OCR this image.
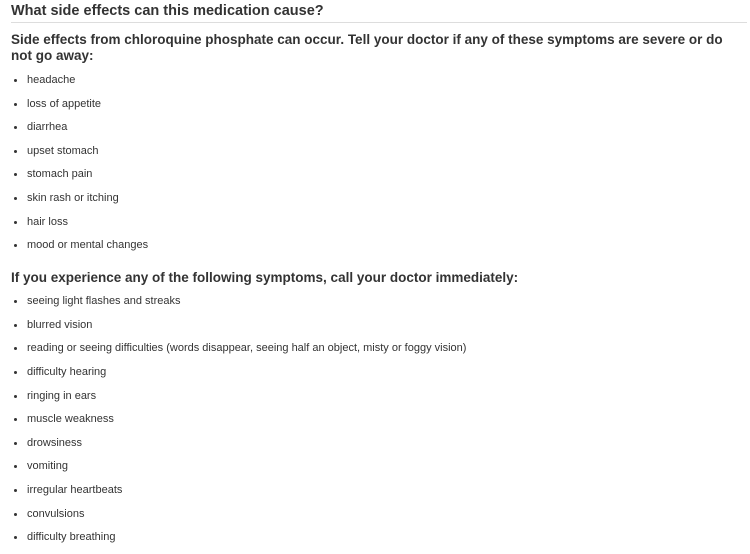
What side effects can this medication cause?
Side effects from chloroquine phosphate can occur. Tell your doctor if any of these symptoms are severe or do not go away:
headache
loss of appetite
diarrhea
upset stomach
stomach pain
skin rash or itching
hair loss
mood or mental changes
If you experience any of the following symptoms, call your doctor immediately:
seeing light flashes and streaks
blurred vision
reading or seeing difficulties (words disappear, seeing half an object, misty or foggy vision)
difficulty hearing
ringing in ears
muscle weakness
drowsiness
vomiting
irregular heartbeats
convulsions
difficulty breathing
